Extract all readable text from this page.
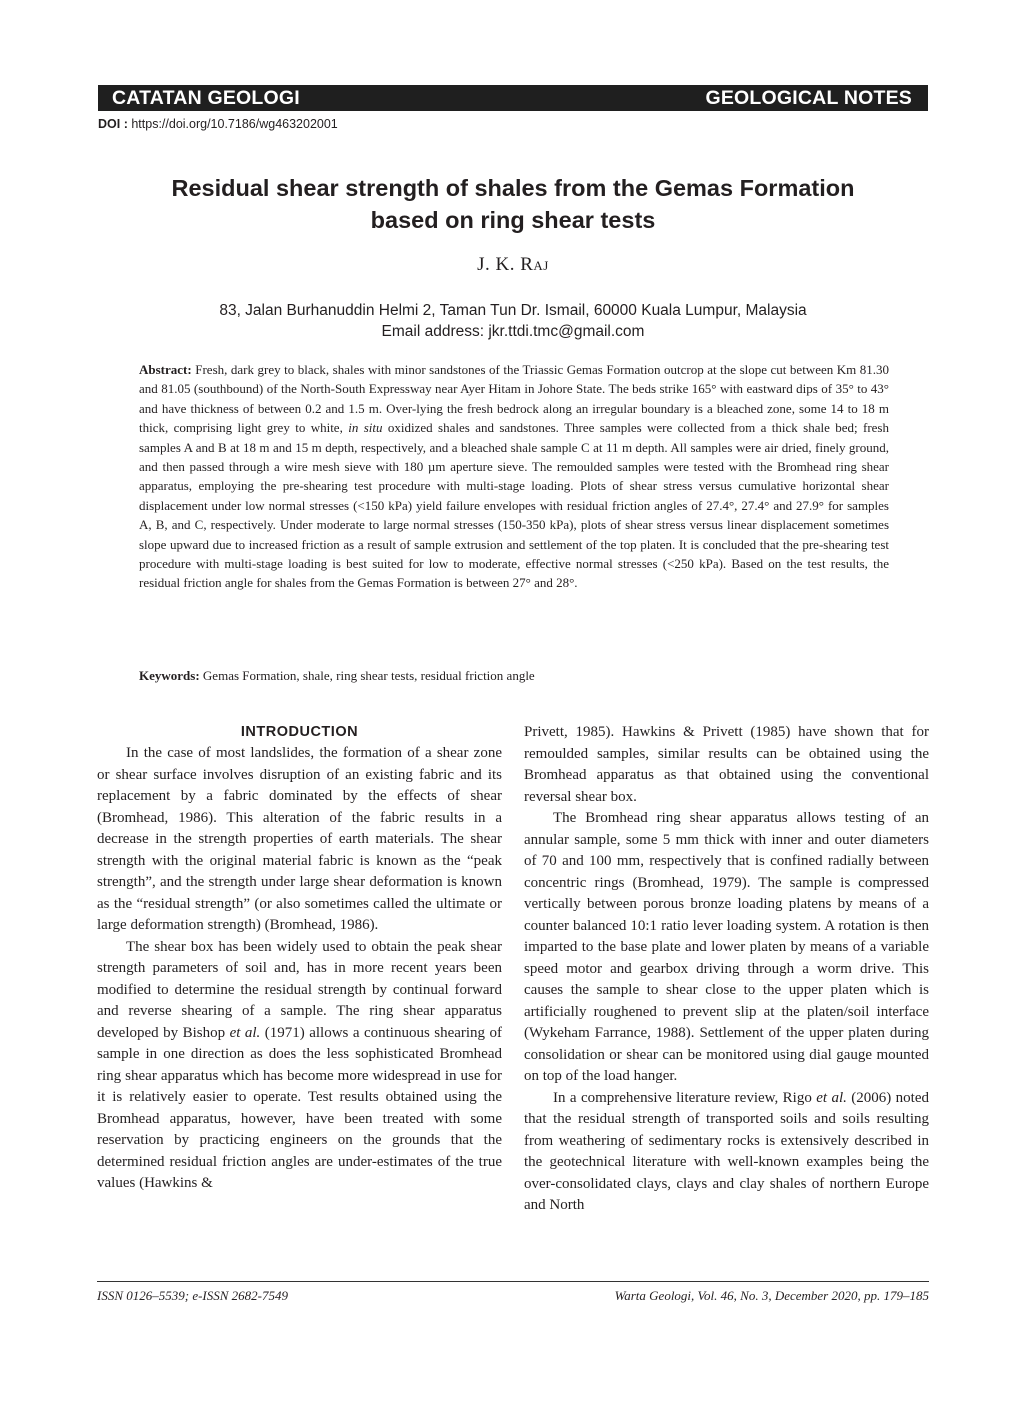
CATATAN GEOLOGI	GEOLOGICAL NOTES
DOI : https://doi.org/10.7186/wg463202001
Residual shear strength of shales from the Gemas Formation
based on ring shear tests
J. K. Raj
83, Jalan Burhanuddin Helmi 2, Taman Tun Dr. Ismail, 60000 Kuala Lumpur, Malaysia
Email address: jkr.ttdi.tmc@gmail.com

Abstract: Fresh, dark grey to black, shales with minor sandstones of the Triassic Gemas Formation outcrop at the slope cut between Km 81.30 and 81.05 (southbound) of the North-South Expressway near Ayer Hitam in Johore State. The beds strike 165° with eastward dips of 35° to 43° and have thickness of between 0.2 and 1.5 m. Over-lying the fresh bedrock along an irregular boundary is a bleached zone, some 14 to 18 m thick, comprising light grey to white, in situ oxidized shales and sandstones. Three samples were collected from a thick shale bed; fresh samples A and B at 18 m and 15 m depth, respectively, and a bleached shale sample C at 11 m depth. All samples were air dried, finely ground, and then passed through a wire mesh sieve with 180 µm aperture sieve. The remoulded samples were tested with the Bromhead ring shear apparatus, employing the pre-shearing test procedure with multi-stage loading. Plots of shear stress versus cumulative horizontal shear displacement under low normal stresses (<150 kPa) yield failure envelopes with residual friction angles of 27.4°, 27.4° and 27.9° for samples A, B, and C, respectively. Under moderate to large normal stresses (150-350 kPa), plots of shear stress versus linear displacement sometimes slope upward due to increased friction as a result of sample extrusion and settlement of the top platen. It is concluded that the pre-shearing test procedure with multi-stage loading is best suited for low to moderate, effective normal stresses (<250 kPa). Based on the test results, the residual friction angle for shales from the Gemas Formation is between 27° and 28°.

Keywords: Gemas Formation, shale, ring shear tests, residual friction angle

INTRODUCTION

In the case of most landslides, the formation of a shear zone or shear surface involves disruption of an existing fabric and its replacement by a fabric dominated by the effects of shear (Bromhead, 1986). This alteration of the fabric results in a decrease in the strength properties of earth materials. The shear strength with the original material fabric is known as the “peak strength”, and the strength under large shear deformation is known as the “residual strength” (or also sometimes called the ultimate or large deformation strength) (Bromhead, 1986).

The shear box has been widely used to obtain the peak shear strength parameters of soil and, has in more recent years been modified to determine the residual strength by continual forward and reverse shearing of a sample. The ring shear apparatus developed by Bishop et al. (1971) allows a continuous shearing of sample in one direction as does the less sophisticated Bromhead ring shear apparatus which has become more widespread in use for it is relatively easier to operate. Test results obtained using the Bromhead apparatus, however, have been treated with some reservation by practicing engineers on the grounds that the determined residual friction angles are under-estimates of the true values (Hawkins &

Privett, 1985). Hawkins & Privett (1985) have shown that for remoulded samples, similar results can be obtained using the Bromhead apparatus as that obtained using the conventional reversal shear box.

The Bromhead ring shear apparatus allows testing of an annular sample, some 5 mm thick with inner and outer diameters of 70 and 100 mm, respectively that is confined radially between concentric rings (Bromhead, 1979). The sample is compressed vertically between porous bronze loading platens by means of a counter balanced 10:1 ratio lever loading system. A rotation is then imparted to the base plate and lower platen by means of a variable speed motor and gearbox driving through a worm drive. This causes the sample to shear close to the upper platen which is artificially roughened to prevent slip at the platen/soil interface (Wykeham Farrance, 1988). Settlement of the upper platen during consolidation or shear can be monitored using dial gauge mounted on top of the load hanger.

In a comprehensive literature review, Rigo et al. (2006) noted that the residual strength of transported soils and soils resulting from weathering of sedimentary rocks is extensively described in the geotechnical literature with well-known examples being the over-consolidated clays, clays and clay shales of northern Europe and North

ISSN 0126–5539; e-ISSN 2682-7549	Warta Geologi, Vol. 46, No. 3, December 2020, pp. 179–185
